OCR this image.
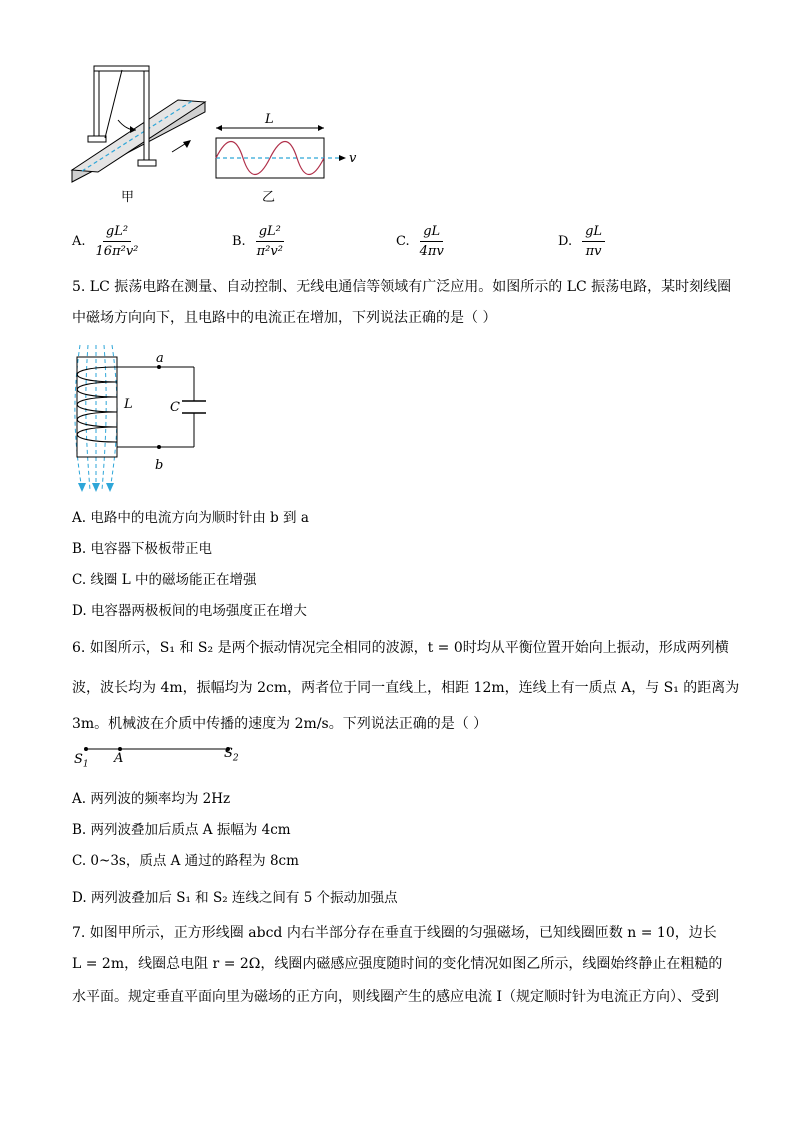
甲
L
v
乙
A. $\frac{\text{gL²}}{\text{16π²v²}}$	B. $\frac{\text{gL²}}{\text{π²v²}}$	C. $\frac{gL}{4\pi v}$	D. $\frac{gL}{\pi v}$
5. LC 振荡电路在测量、自动控制、无线电通信等领域有广泛应用。如图所示的 LC 振荡电路，某时刻线圈
中磁场方向向下，且电路中的电流正在增加，下列说法正确的是（ ）
a
b
L	C
A. 电路中的电流方向为顺时针由 b 到 a
B. 电容器下极板带正电
C. 线圈 L 中的磁场能正在增强
D. 电容器两极板间的电场强度正在增大
6. 如图所示，S₁ 和 S₂ 是两个振动情况完全相同的波源，t = 0时均从平衡位置开始向上振动，形成两列横
波，波长均为 4m，振幅均为 2cm，两者位于同一直线上，相距 12m，连线上有一质点 A，与 S₁ 的距离为
3m。机械波在介质中传播的速度为 2m/s。下列说法正确的是（ ）
$S_1$ A	$S_2$
A. 两列波的频率均为 2Hz
B. 两列波叠加后质点 A 振幅为 4cm
C. 0~3s，质点 A 通过的路程为 8cm
D. 两列波叠加后 S₁ 和 S₂ 连线之间有 5 个振动加强点
7. 如图甲所示，正方形线圈 abcd 内右半部分存在垂直于线圈的匀强磁场，已知线圈匝数 n = 10，边长
L = 2m，线圈总电阻 r = 2Ω，线圈内磁感应强度随时间的变化情况如图乙所示，线圈始终静止在粗糙的
水平面。规定垂直平面向里为磁场的正方向，则线圈产生的感应电流 I（规定顺时针为电流正方向）、受到
